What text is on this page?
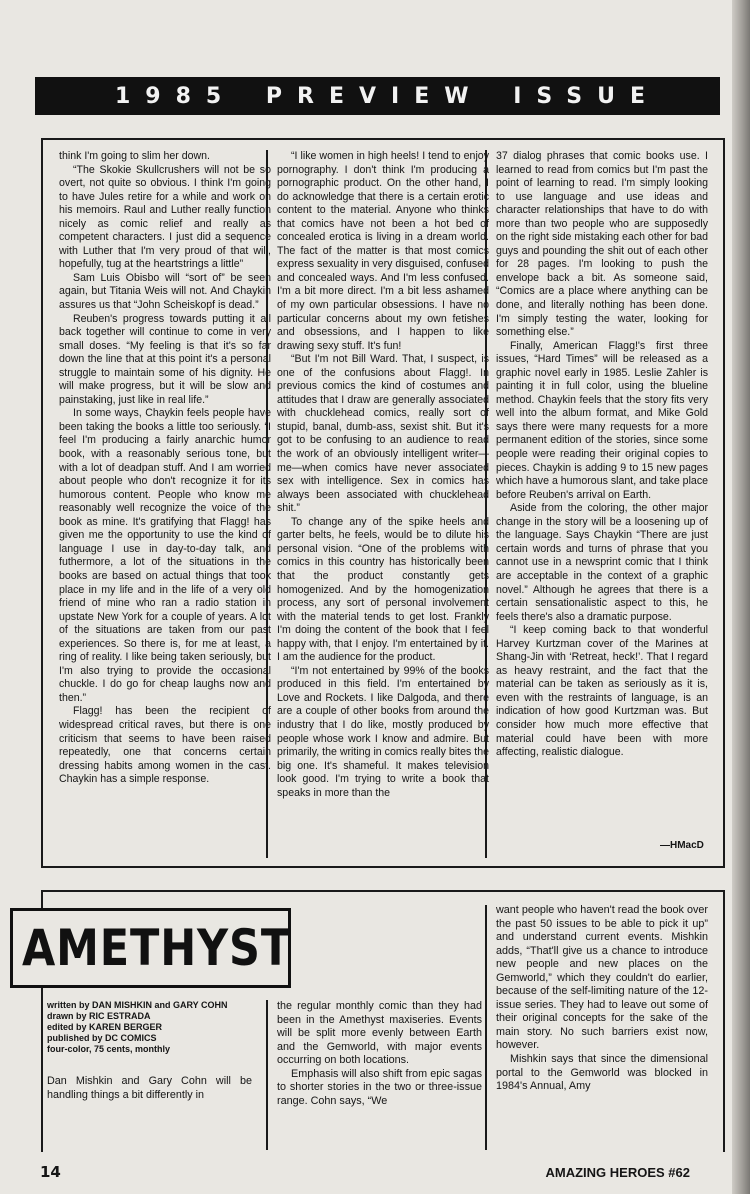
1985 PREVIEW ISSUE

think I'm going to slim her down.

“The Skokie Skullcrushers will not be so overt, not quite so obvious. I think I'm going to have Jules retire for a while and work on his memoirs. Raul and Luther really function nicely as comic relief and really as competent characters. I just did a sequence with Luther that I'm very proud of that will, hopefully, tug at the heartstrings a little”

Sam Luis Obisbo will “sort of” be seen again, but Titania Weis will not. And Chaykin assures us that “John Scheiskopf is dead.”

Reuben's progress towards putting it all back together will continue to come in very small doses. “My feeling is that it's so far down the line that at this point it's a personal struggle to maintain some of his dignity. He will make progress, but it will be slow and painstaking, just like in real life.”

In some ways, Chaykin feels people have been taking the books a little too seriously. “I feel I'm producing a fairly anarchic humor book, with a reasonably serious tone, but with a lot of deadpan stuff. And I am worried about people who don't recognize it for its humorous content. People who know me reasonably well recognize the voice of the book as mine. It's gratifying that Flagg! has given me the opportunity to use the kind of language I use in day-to-day talk, and futhermore, a lot of the situations in the books are based on actual things that took place in my life and in the life of a very old friend of mine who ran a radio station in upstate New York for a couple of years. A lot of the situations are taken from our past experiences. So there is, for me at least, a ring of reality. I like being taken seriously, but I'm also trying to provide the occasional chuckle. I do go for cheap laughs now and then.”

Flagg! has been the recipient of widespread critical raves, but there is one criticism that seems to have been raised repeatedly, one that concerns certain dressing habits among women in the cast. Chaykin has a simple response.

“I like women in high heels! I tend to enjoy pornography. I don't think I'm producing a pornographic product. On the other hand, I do acknowledge that there is a certain erotic content to the material. Anyone who thinks that comics have not been a hot bed of concealed erotica is living in a dream world. The fact of the matter is that most comics express sexuality in very disguised, confused and concealed ways. And I'm less confused. I'm a bit more direct. I'm a bit less ashamed of my own particular obsessions. I have no particular concerns about my own fetishes and obsessions, and I happen to like drawing sexy stuff. It's fun!

“But I'm not Bill Ward. That, I suspect, is one of the confusions about Flagg!. In previous comics the kind of costumes and attitudes that I draw are generally associated with chucklehead comics, really sort of stupid, banal, dumb-ass, sexist shit. But it's got to be confusing to an audience to read the work of an obviously intelligent writer—me—when comics have never associated sex with intelligence. Sex in comics has always been associated with chucklehead shit.”

To change any of the spike heels and garter belts, he feels, would be to dilute his personal vision. “One of the problems with comics in this country has historically been that the product constantly gets homogenized. And by the homogenization process, any sort of personal involvement with the material tends to get lost. Frankly I'm doing the content of the book that I feel happy with, that I enjoy. I'm entertained by it. I am the audience for the product.

“I'm not entertained by 99% of the books produced in this field. I'm entertained by Love and Rockets. I like Dalgoda, and there are a couple of other books from around the industry that I do like, mostly produced by people whose work I know and admire. But primarily, the writing in comics really bites the big one. It's shameful. It makes television look good. I'm trying to write a book that speaks in more than the

37 dialog phrases that comic books use. I learned to read from comics but I'm past the point of learning to read. I'm simply looking to use language and use ideas and character relationships that have to do with more than two people who are supposedly on the right side mistaking each other for bad guys and pounding the shit out of each other for 28 pages. I'm looking to push the envelope back a bit. As someone said, “Comics are a place where anything can be done, and literally nothing has been done. I'm simply testing the water, looking for something else.”

Finally, American Flagg!'s first three issues, “Hard Times” will be released as a graphic novel early in 1985. Leslie Zahler is painting it in full color, using the blueline method. Chaykin feels that the story fits very well into the album format, and Mike Gold says there were many requests for a more permanent edition of the stories, since some people were reading their original copies to pieces. Chaykin is adding 9 to 15 new pages which have a humorous slant, and take place before Reuben's arrival on Earth.

Aside from the coloring, the other major change in the story will be a loosening up of the language. Says Chaykin “There are just certain words and turns of phrase that you cannot use in a newsprint comic that I think are acceptable in the context of a graphic novel.” Although he agrees that there is a certain sensationalistic aspect to this, he feels there's also a dramatic purpose.

“I keep coming back to that wonderful Harvey Kurtzman cover of the Marines at Shang-Jin with ‘Retreat, heck!’. That I regard as heavy restraint, and the fact that the material can be taken as seriously as it is, even with the restraints of language, is an indication of how good Kurtzman was. But consider how much more effective that material could have been with more affecting, realistic dialogue.

—HMacD
AMETHYST
written by DAN MISHKIN and GARY COHN
drawn by RIC ESTRADA
edited by KAREN BERGER
published by DC COMICS
four-color, 75 cents, monthly

Dan Mishkin and Gary Cohn will be handling things a bit differently in

the regular monthly comic than they had been in the Amethyst maxiseries. Events will be split more evenly between Earth and the Gemworld, with major events occurring on both locations.

Emphasis will also shift from epic sagas to shorter stories in the two or three-issue range. Cohn says, “We

want people who haven't read the book over the past 50 issues to be able to pick it up” and understand current events. Mishkin adds, “That'll give us a chance to introduce new people and new places on the Gemworld,” which they couldn't do earlier, because of the self-limiting nature of the 12-issue series. They had to leave out some of their original concepts for the sake of the main story. No such barriers exist now, however.

Mishkin says that since the dimensional portal to the Gemworld was blocked in 1984's Annual, Amy

14	AMAZING HEROES #62
